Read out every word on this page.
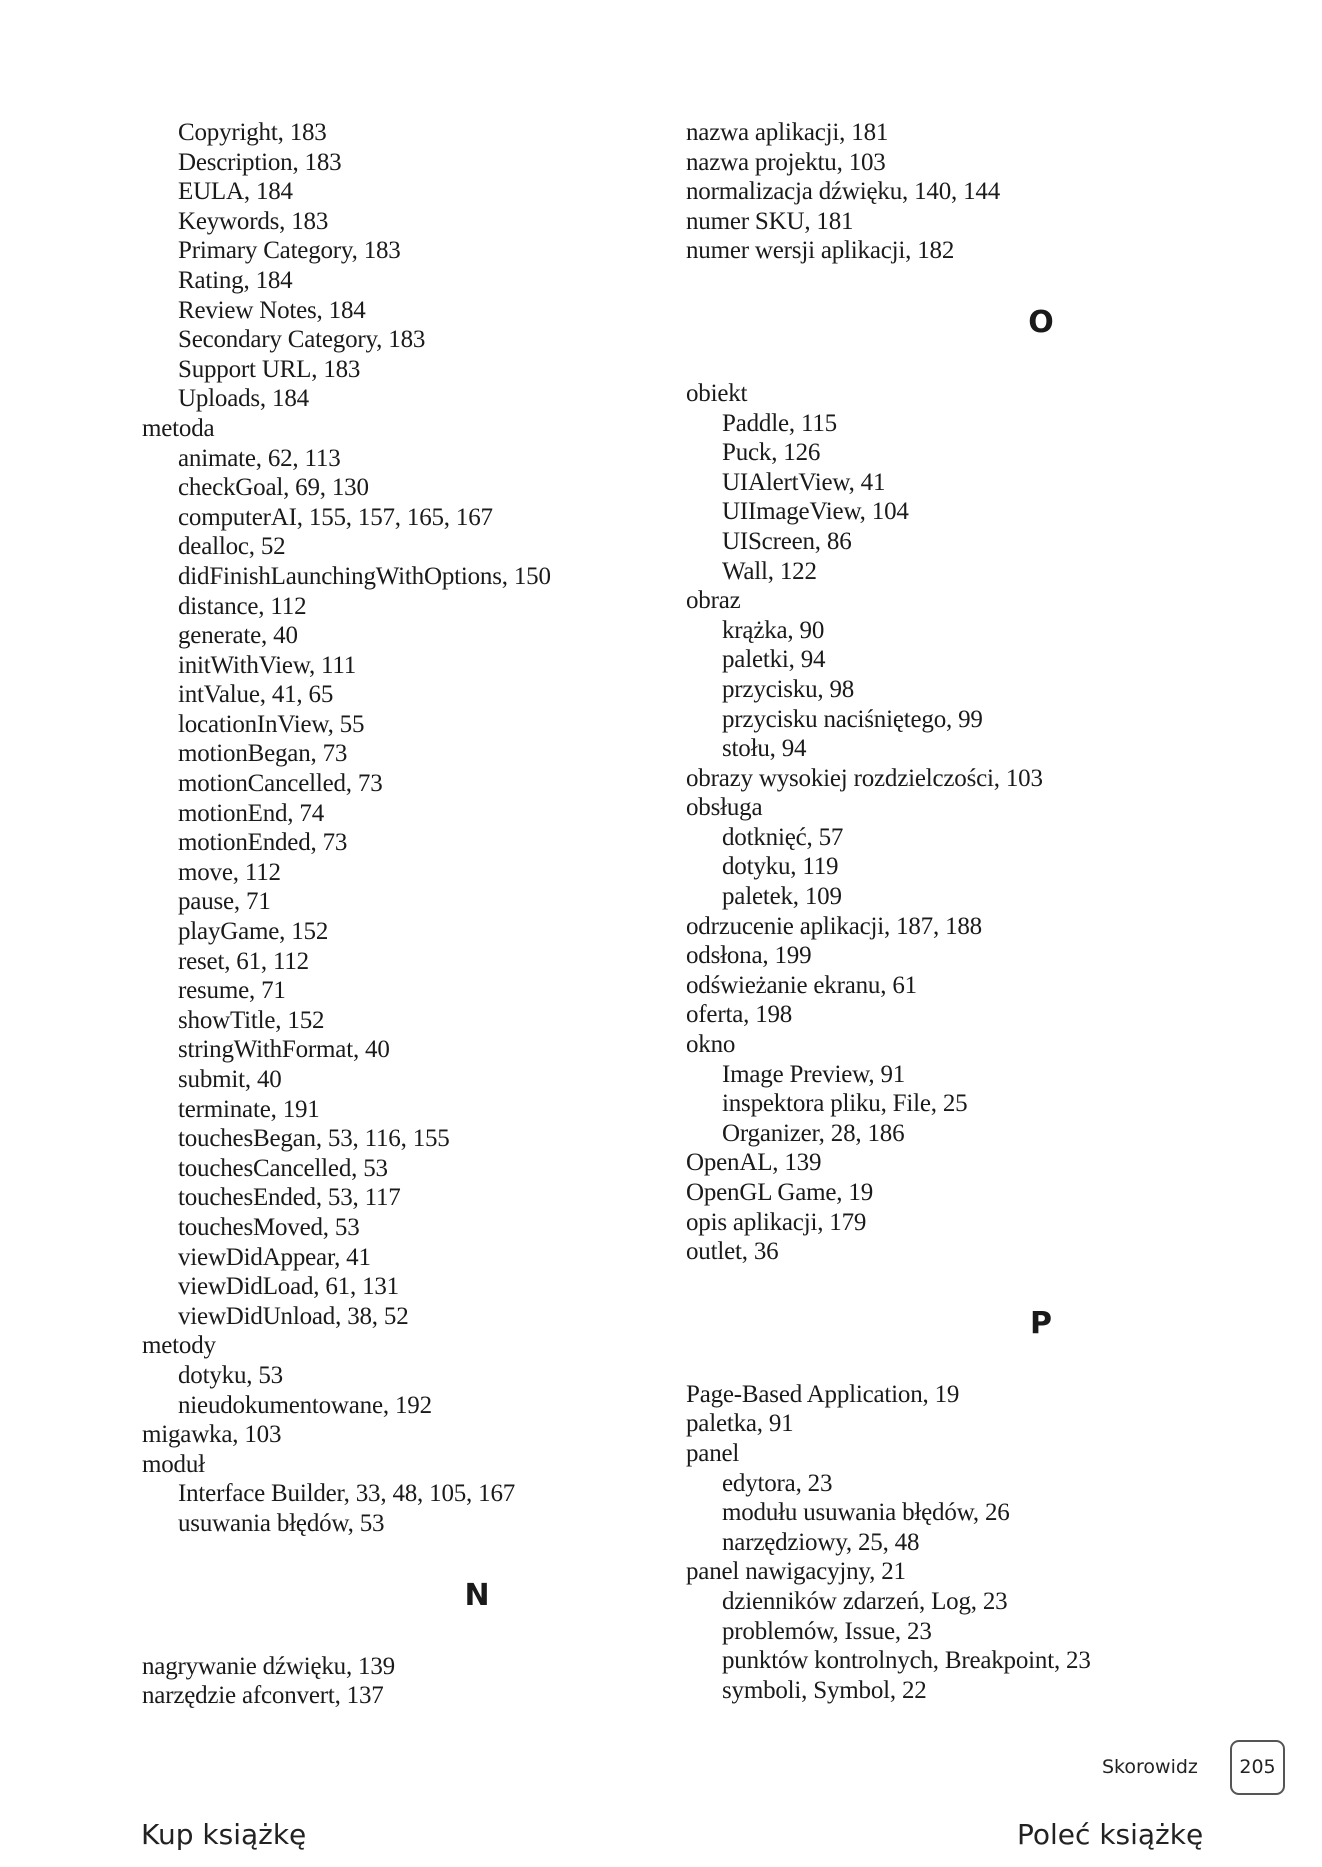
Copyright, 183
Description, 183
EULA, 184
Keywords, 183
Primary Category, 183
Rating, 184
Review Notes, 184
Secondary Category, 183
Support URL, 183
Uploads, 184
metoda
animate, 62, 113
checkGoal, 69, 130
computerAI, 155, 157, 165, 167
dealloc, 52
didFinishLaunchingWithOptions, 150
distance, 112
generate, 40
initWithView, 111
intValue, 41, 65
locationInView, 55
motionBegan, 73
motionCancelled, 73
motionEnd, 74
motionEnded, 73
move, 112
pause, 71
playGame, 152
reset, 61, 112
resume, 71
showTitle, 152
stringWithFormat, 40
submit, 40
terminate, 191
touchesBegan, 53, 116, 155
touchesCancelled, 53
touchesEnded, 53, 117
touchesMoved, 53
viewDidAppear, 41
viewDidLoad, 61, 131
viewDidUnload, 38, 52
metody
dotyku, 53
nieudokumentowane, 192
migawka, 103
moduł
Interface Builder, 33, 48, 105, 167
usuwania błędów, 53
N
nagrywanie dźwięku, 139
narzędzie afconvert, 137
nazwa aplikacji, 181
nazwa projektu, 103
normalizacja dźwięku, 140, 144
numer SKU, 181
numer wersji aplikacji, 182
O
obiekt
Paddle, 115
Puck, 126
UIAlertView, 41
UIImageView, 104
UIScreen, 86
Wall, 122
obraz
krążka, 90
paletki, 94
przycisku, 98
przycisku naciśniętego, 99
stołu, 94
obrazy wysokiej rozdzielczości, 103
obsługa
dotknięć, 57
dotyku, 119
paletek, 109
odrzucenie aplikacji, 187, 188
odsłona, 199
odświeżanie ekranu, 61
oferta, 198
okno
Image Preview, 91
inspektora pliku, File, 25
Organizer, 28, 186
OpenAL, 139
OpenGL Game, 19
opis aplikacji, 179
outlet, 36
P
Page-Based Application, 19
paletka, 91
panel
edytora, 23
modułu usuwania błędów, 26
narzędziowy, 25, 48
panel nawigacyjny, 21
dzienników zdarzeń, Log, 23
problemów, Issue, 23
punktów kontrolnych, Breakpoint, 23
symboli, Symbol, 22
Skorowidz	205
Kup książkę	Poleć książkę
